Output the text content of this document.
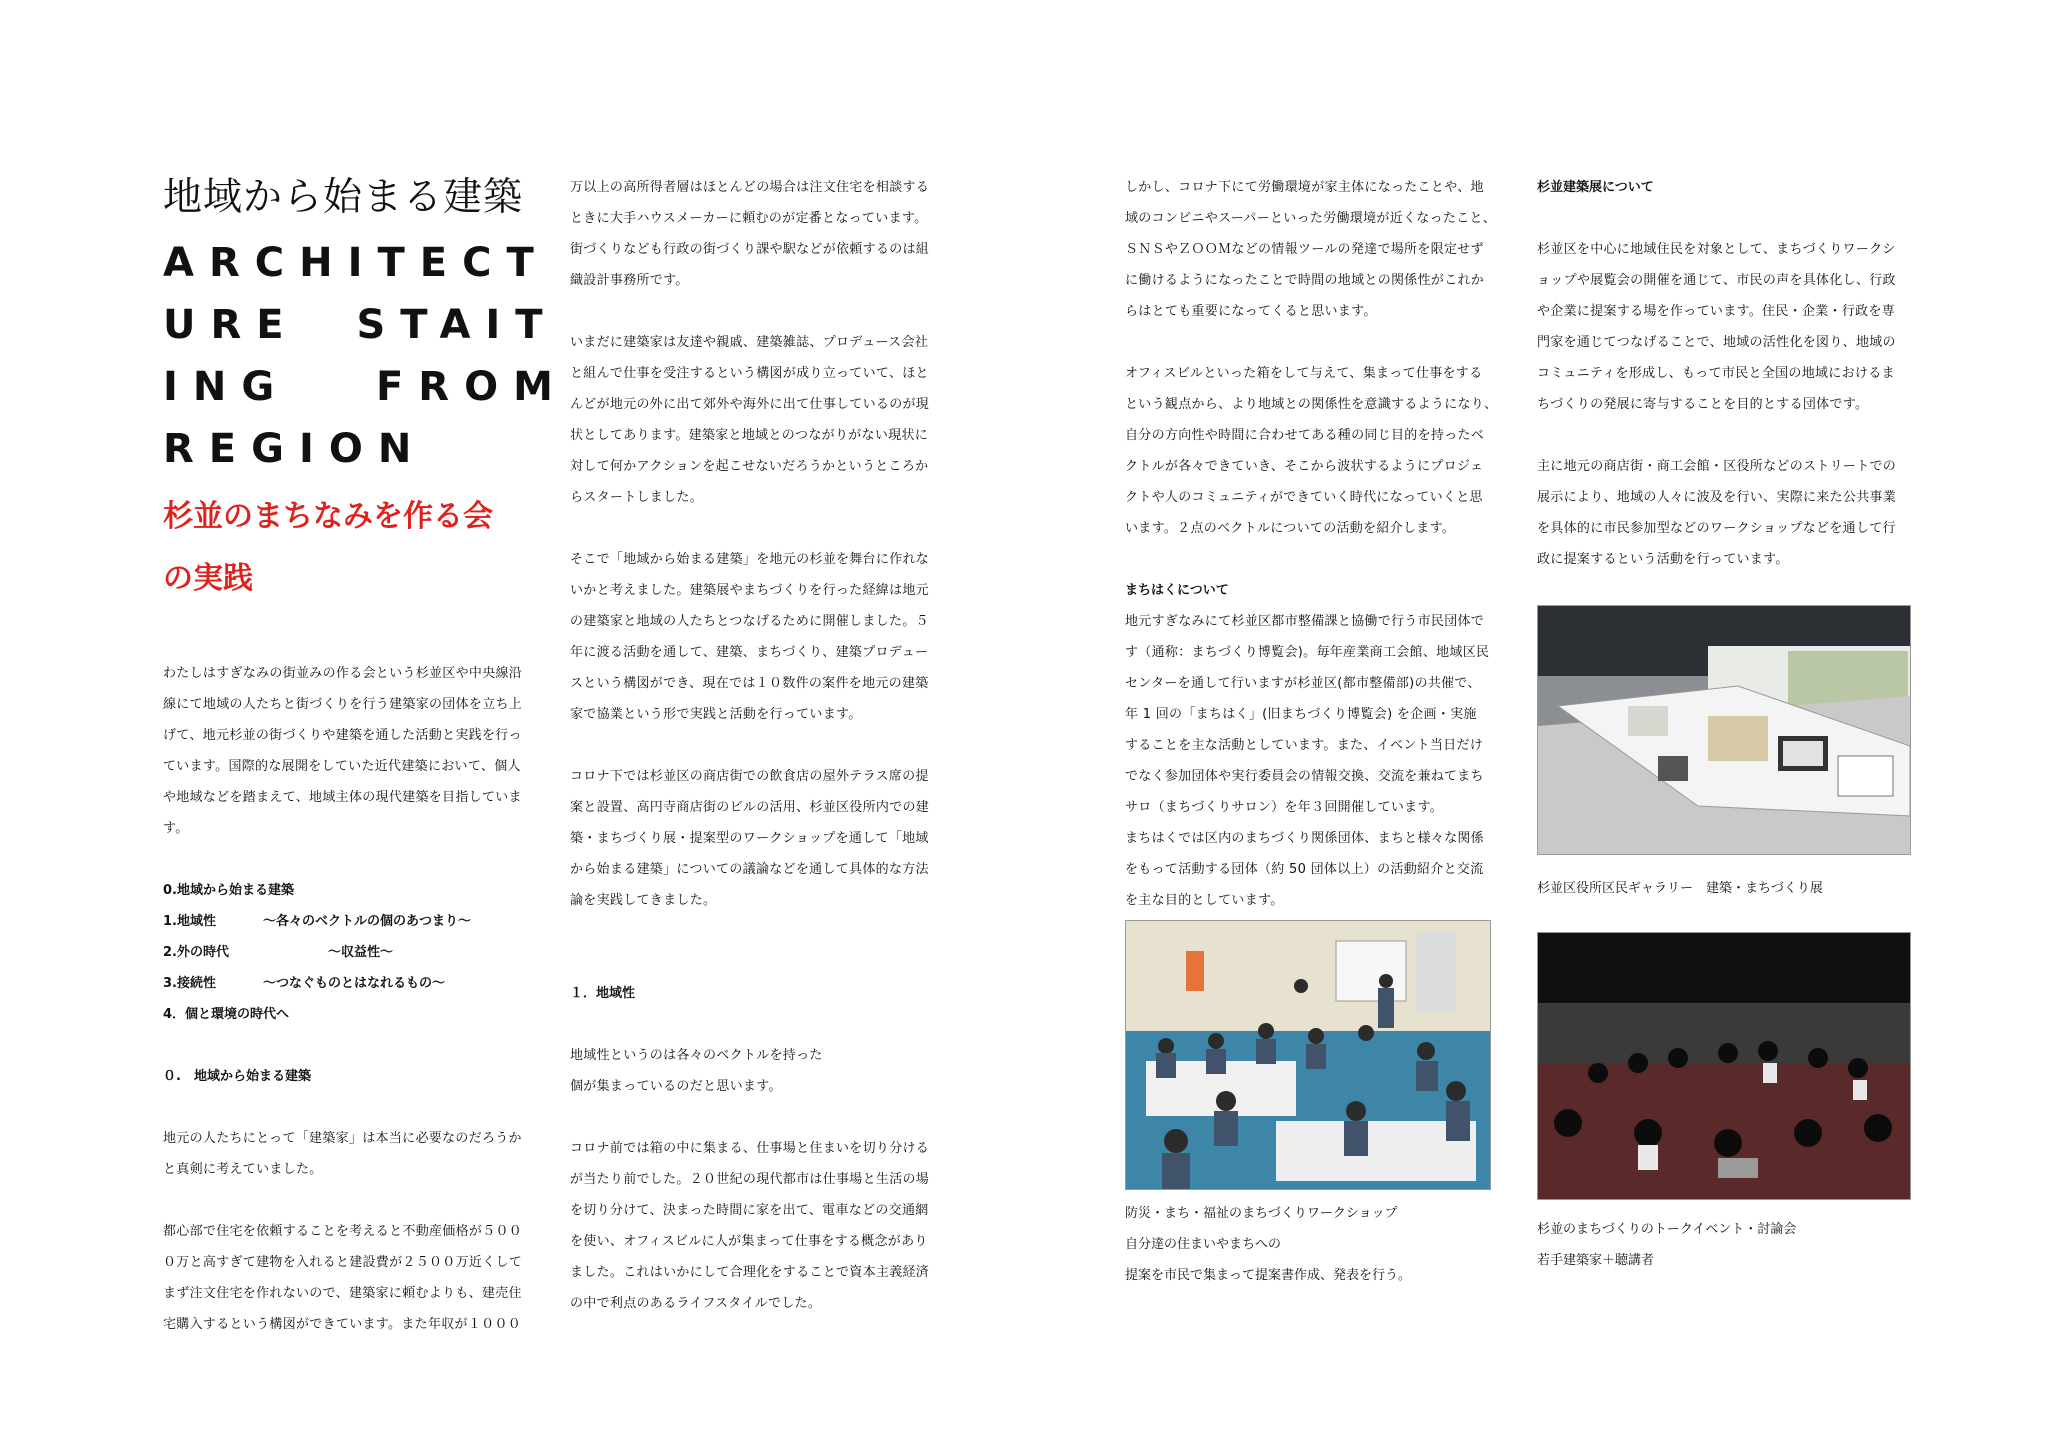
地域から始まる建築
ARCHITECT
URE  STAIT
ING   FROM
REGION
杉並のまちなみを作る会
の実践
わたしはすぎなみの街並みの作る会という杉並区や中央線沿
線にて地域の人たちと街づくりを行う建築家の団体を立ち上
げて、地元杉並の街づくりや建築を通した活動と実践を行っ
ています。国際的な展開をしていた近代建築において、個人
や地域などを踏まえて、地域主体の現代建築を目指していま
す。
0.地域から始まる建築
1.地域性	〜各々のベクトルの個のあつまり〜
2.外の時代	　　　　　〜収益性〜
3.接続性	〜つなぐものとはなれるもの〜
4．個と環境の時代へ

０.　地域から始まる建築

地元の人たちにとって「建築家」は本当に必要なのだろうか
と真剣に考えていました。
都心部で住宅を依頼することを考えると不動産価格が５００
０万と高すぎて建物を入れると建設費が２５００万近くして
まず注文住宅を作れないので、建築家に頼むよりも、建売住
宅購入するという構図ができています。また年収が１０００
万以上の高所得者層はほとんどの場合は注文住宅を相談する
ときに大手ハウスメーカーに頼むのが定番となっています。
街づくりなども行政の街づくり課や駅などが依頼するのは組
織設計事務所です。
いまだに建築家は友達や親戚、建築雑誌、プロデュース会社
と組んで仕事を受注するという構図が成り立っていて、ほと
んどが地元の外に出て郊外や海外に出て仕事しているのが現
状としてあります。建築家と地域とのつながりがない現状に
対して何かアクションを起こせないだろうかというところか
らスタートしました。
そこで「地域から始まる建築」を地元の杉並を舞台に作れな
いかと考えました。建築展やまちづくりを行った経緯は地元
の建築家と地域の人たちとつなげるために開催しました。５
年に渡る活動を通して、建築、まちづくり、建築プロデュー
スという構図ができ、現在では１０数件の案件を地元の建築
家で協業という形で実践と活動を行っています。
コロナ下では杉並区の商店街での飲食店の屋外テラス席の提
案と設置、高円寺商店街のビルの活用、杉並区役所内での建
築・まちづくり展・提案型のワークショップを通して「地域
から始まる建築」についての議論などを通して具体的な方法
論を実践してきました。

１．地域性

地域性というのは各々のベクトルを持った
個が集まっているのだと思います。
コロナ前では箱の中に集まる、仕事場と住まいを切り分ける
が当たり前でした。２０世紀の現代都市は仕事場と生活の場
を切り分けて、決まった時間に家を出て、電車などの交通網
を使い、オフィスビルに人が集まって仕事をする概念があり
ました。これはいかにして合理化をすることで資本主義経済
の中で利点のあるライフスタイルでした。
しかし、コロナ下にて労働環境が家主体になったことや、地
域のコンビニやスーパーといった労働環境が近くなったこと、
ＳＮＳやＺＯＯＭなどの情報ツールの発達で場所を限定せず
に働けるようになったことで時間の地域との関係性がこれか
らはとても重要になってくると思います。
オフィスビルといった箱をして与えて、集まって仕事をする
という観点から、より地域との関係性を意識するようになり、
自分の方向性や時間に合わせてある種の同じ目的を持ったベ
クトルが各々できていき、そこから波状するようにプロジェ
クトや人のコミュニティができていく時代になっていくと思
います。２点のベクトルについての活動を紹介します。

まちはくについて

地元すぎなみにて杉並区都市整備課と協働で行う市民団体で
す（通称：まちづくり博覧会)。毎年産業商工会館、地域区民
センターを通して行いますが杉並区(都市整備部)の共催で、
年 1 回の「まちはく」(旧まちづくり博覧会) を企画・実施
することを主な活動としています。また、イベント当日だけ
でなく参加団体や実行委員会の情報交換、交流を兼ねてまち
サロ（まちづくりサロン）を年３回開催しています。
まちはくでは区内のまちづくり関係団体、まちと様々な関係
をもって活動する団体（約 50 団体以上）の活動紹介と交流
を主な目的としています。
防災・まち・福祉のまちづくりワークショップ
自分達の住まいやまちへの
提案を市民で集まって提案書作成、発表を行う。

杉並建築展について

杉並区を中心に地域住民を対象として、まちづくりワークシ
ョップや展覧会の開催を通じて、市民の声を具体化し、行政
や企業に提案する場を作っています。住民・企業・行政を専
門家を通じてつなげることで、地域の活性化を図り、地域の
コミュニティを形成し、もって市民と全国の地域におけるま
ちづくりの発展に寄与することを目的とする団体です。
主に地元の商店街・商工会館・区役所などのストリートでの
展示により、地域の人々に波及を行い、実際に来た公共事業
を具体的に市民参加型などのワークショップなどを通して行
政に提案するという活動を行っています。
杉並区役所区民ギャラリー　建築・まちづくり展
杉並のまちづくりのトークイベント・討論会
若手建築家＋聴講者
